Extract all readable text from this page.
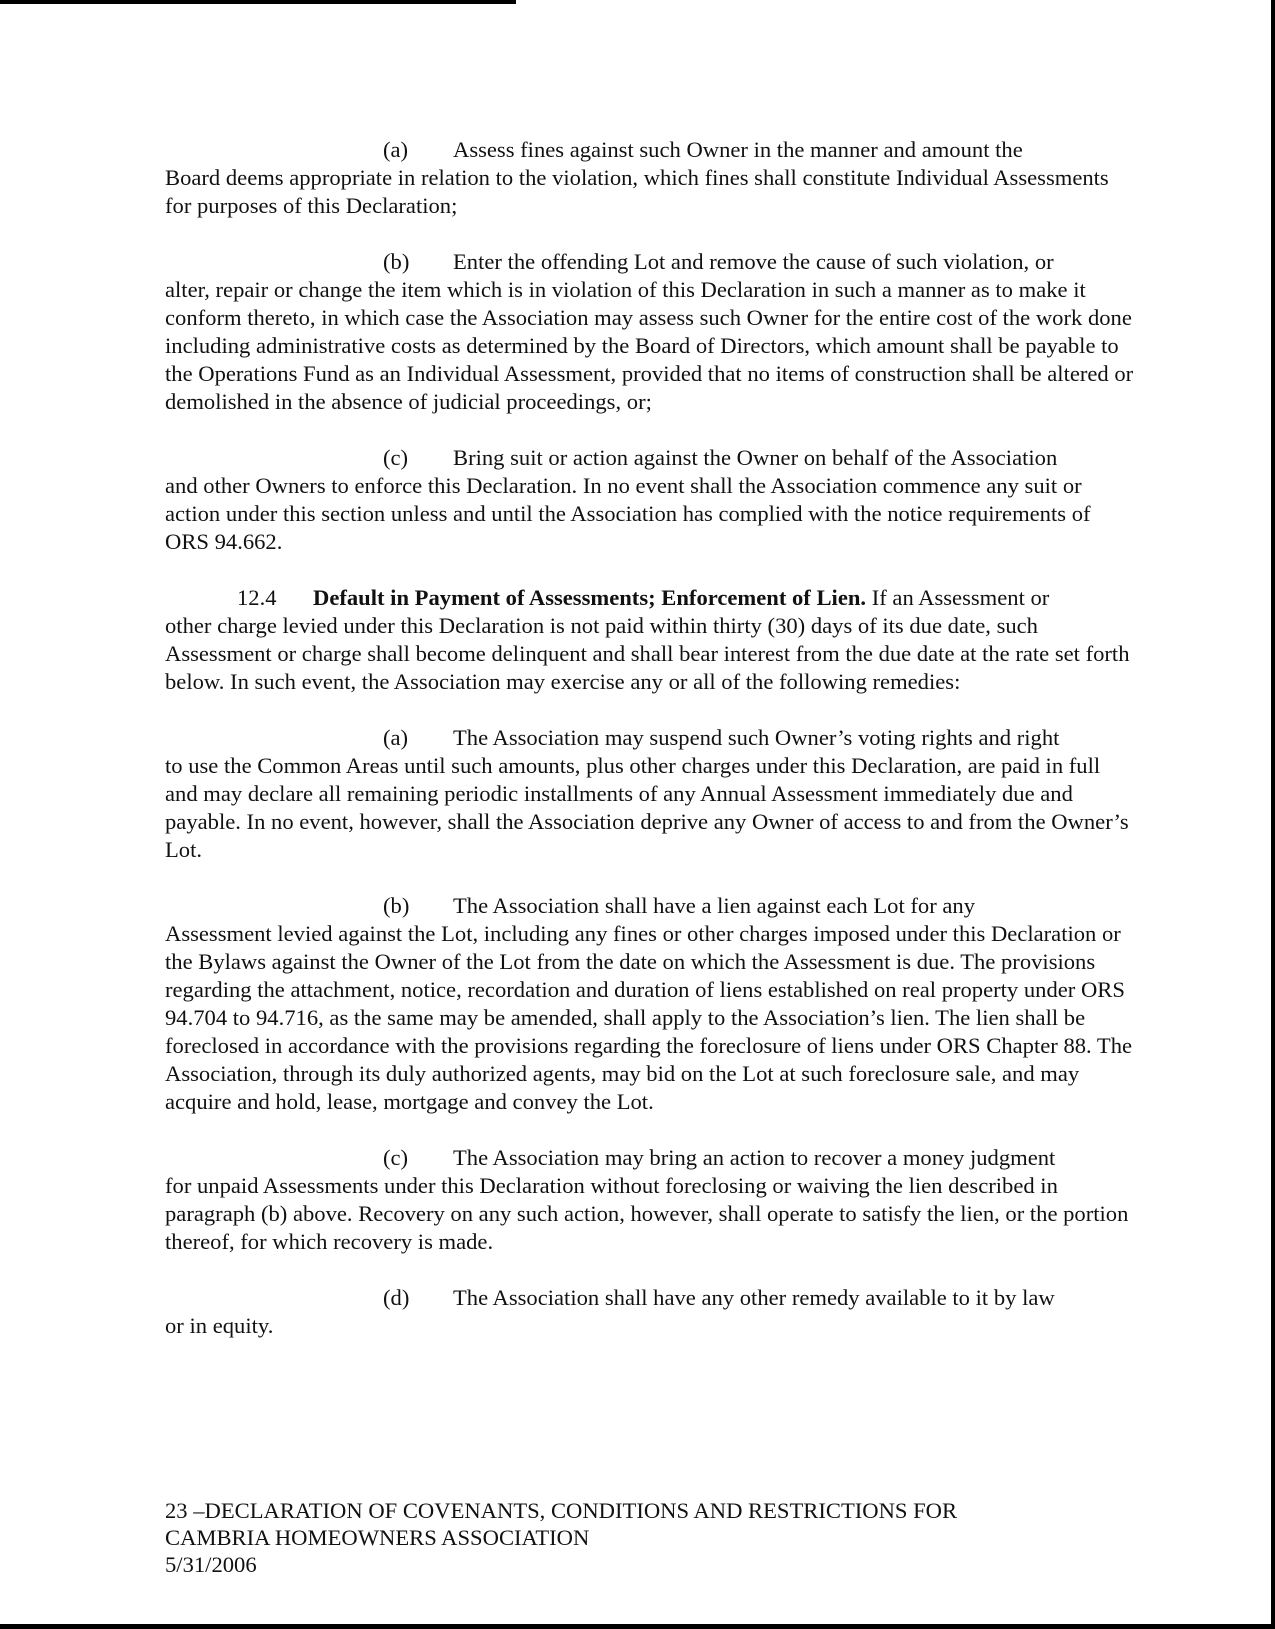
(a) Assess fines against such Owner in the manner and amount the
Board deems appropriate in relation to the violation, which fines shall constitute Individual Assessments for purposes of this Declaration;

(b) Enter the offending Lot and remove the cause of such violation, or
alter, repair or change the item which is in violation of this Declaration in such a manner as to make it conform thereto, in which case the Association may assess such Owner for the entire cost of the work done including administrative costs as determined by the Board of Directors, which amount shall be payable to the Operations Fund as an Individual Assessment, provided that no items of construction shall be altered or demolished in the absence of judicial proceedings, or;

(c) Bring suit or action against the Owner on behalf of the Association
and other Owners to enforce this Declaration. In no event shall the Association commence any suit or action under this section unless and until the Association has complied with the notice requirements of ORS 94.662.

12.4 Default in Payment of Assessments; Enforcement of Lien. If an Assessment or
other charge levied under this Declaration is not paid within thirty (30) days of its due date, such Assessment or charge shall become delinquent and shall bear interest from the due date at the rate set forth below. In such event, the Association may exercise any or all of the following remedies:

(a) The Association may suspend such Owner’s voting rights and right
to use the Common Areas until such amounts, plus other charges under this Declaration, are paid in full and may declare all remaining periodic installments of any Annual Assessment immediately due and payable. In no event, however, shall the Association deprive any Owner of access to and from the Owner’s Lot.

(b) The Association shall have a lien against each Lot for any
Assessment levied against the Lot, including any fines or other charges imposed under this Declaration or the Bylaws against the Owner of the Lot from the date on which the Assessment is due. The provisions regarding the attachment, notice, recordation and duration of liens established on real property under ORS 94.704 to 94.716, as the same may be amended, shall apply to the Association’s lien. The lien shall be foreclosed in accordance with the provisions regarding the foreclosure of liens under ORS Chapter 88. The Association, through its duly authorized agents, may bid on the Lot at such foreclosure sale, and may acquire and hold, lease, mortgage and convey the Lot.

(c) The Association may bring an action to recover a money judgment
for unpaid Assessments under this Declaration without foreclosing or waiving the lien described in paragraph (b) above. Recovery on any such action, however, shall operate to satisfy the lien, or the portion thereof, for which recovery is made.

(d) The Association shall have any other remedy available to it by law
or in equity.

23 –DECLARATION OF COVENANTS, CONDITIONS AND RESTRICTIONS FOR
CAMBRIA HOMEOWNERS ASSOCIATION
5/31/2006
